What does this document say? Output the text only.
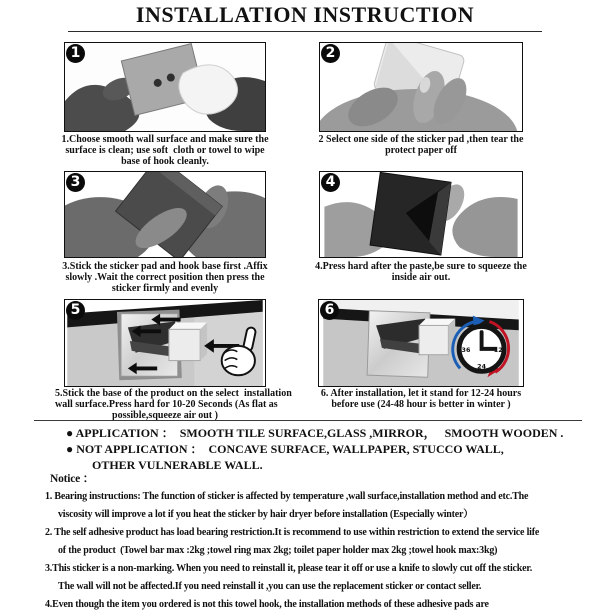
INSTALLATION INSTRUCTION
1
1.Choose smooth wall surface and make sure the
surface is clean; use soft  cloth or towel to wipe
base of hook cleanly.
2
2 Select one side of the sticker pad ,then tear the
protect paper off
3
3.Stick the sticker pad and hook base first .Affix
slowly .Wait the correct position then press the
sticker firmly and evenly
4
4.Press hard after the paste,be sure to squeeze the
inside air out.
5
5.Stick the base of the product on the select  installation
wall surface.Press hard for 10-20 Seconds (As flat as
possible,squeeze air out )
6
12
24
36
6. After installation, let it stand for 12-24 hours
before use (24-48 hour is better in winter )
● APPLICATION ：  SMOOTH TILE SURFACE,GLASS ,MIRROR，   SMOOTH WOODEN .
● NOT APPLICATION ：  CONCAVE SURFACE, WALLPAPER, STUCCO WALL,
OTHER VULNERABLE WALL.
Notice ：
1. Bearing instructions: The function of sticker is affected by temperature ,wall surface,installation method and etc.The
viscosity will improve a lot if you heat the sticker by hair dryer before installation (Especially winter）
2. The self adhesive product has load bearing restriction.It is recommend to use within restriction to extend the service life
of the product  (Towel bar max :2kg ;towel ring max 2kg; toilet paper holder max 2kg ;towel hook max:3kg)
3.This sticker is a non-marking. When you need to reinstall it, please tear it off or use a knife to slowly cut off the sticker.
The wall will not be affected.If you need reinstall it ,you can use the replacement sticker or contact seller.
4.Even though the item you ordered is not this towel hook, the installation methods of these adhesive pads are
